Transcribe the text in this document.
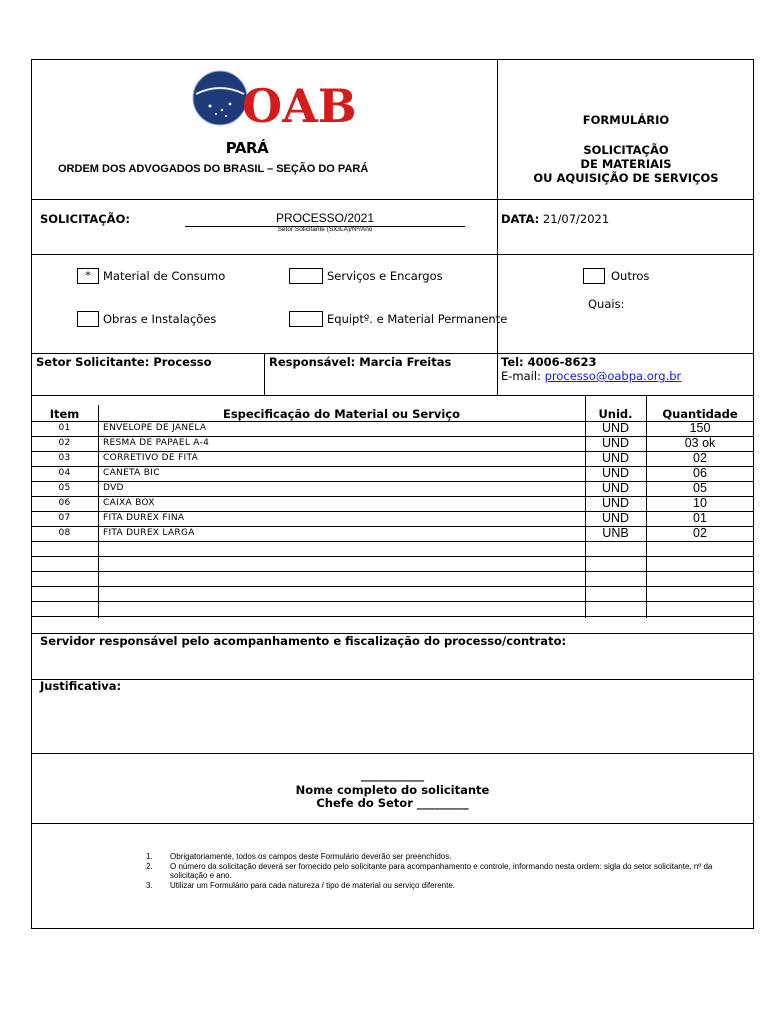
OAB
PARÁ
ORDEM DOS ADVOGADOS DO BRASIL – SEÇÃO DO PARÁ
FORMULÁRIO
SOLICITAÇÃO
DE MATERIAIS
OU AQUISIÇÃO DE SERVIÇOS
SOLICITAÇÃO:	PROCESSO/2021
Setor Solicitante (SIGLA)/Nº/Ano
DATA: 21/07/2021
*	Material de Consumo	Serviços e Encargos	Outros
Quais:
Obras e Instalações	Equiptº. e Material Permanente
Setor Solicitante: Processo	Responsável: Marcia Freitas	Tel: 4006-8623
E-mail: processo@oabpa.org.br
Item	Especificação do Material ou Serviço	Unid.	Quantidade
01	ENVELOPE DE JANELA	UND	150
02	RESMA DE PAPAEL A-4	UND	03 ok
03	CORRETIVO DE FITA	UND	02
04	CANETA BIC	UND	06
05	DVD	UND	05
06	CAIXA BOX	UND	10
07	FITA DUREX FINA	UND	01
08	FITA DUREX LARGA	UNB	02
Servidor responsável pelo acompanhamento e fiscalização do processo/contrato:
Justificativa:
___________
Nome completo do solicitante
Chefe do Setor _________
1.	Obrigatoriamente, todos os campos deste Formulário deverão ser preenchidos.
2.	O número da solicitação deverá ser fornecido pelo solicitante para acompanhamento e controle, informando nesta ordem: sigla do setor solicitante, nº da solicitação e ano.
3.	Utilizar um Formulário para cada natureza / tipo de material ou serviço diferente.
